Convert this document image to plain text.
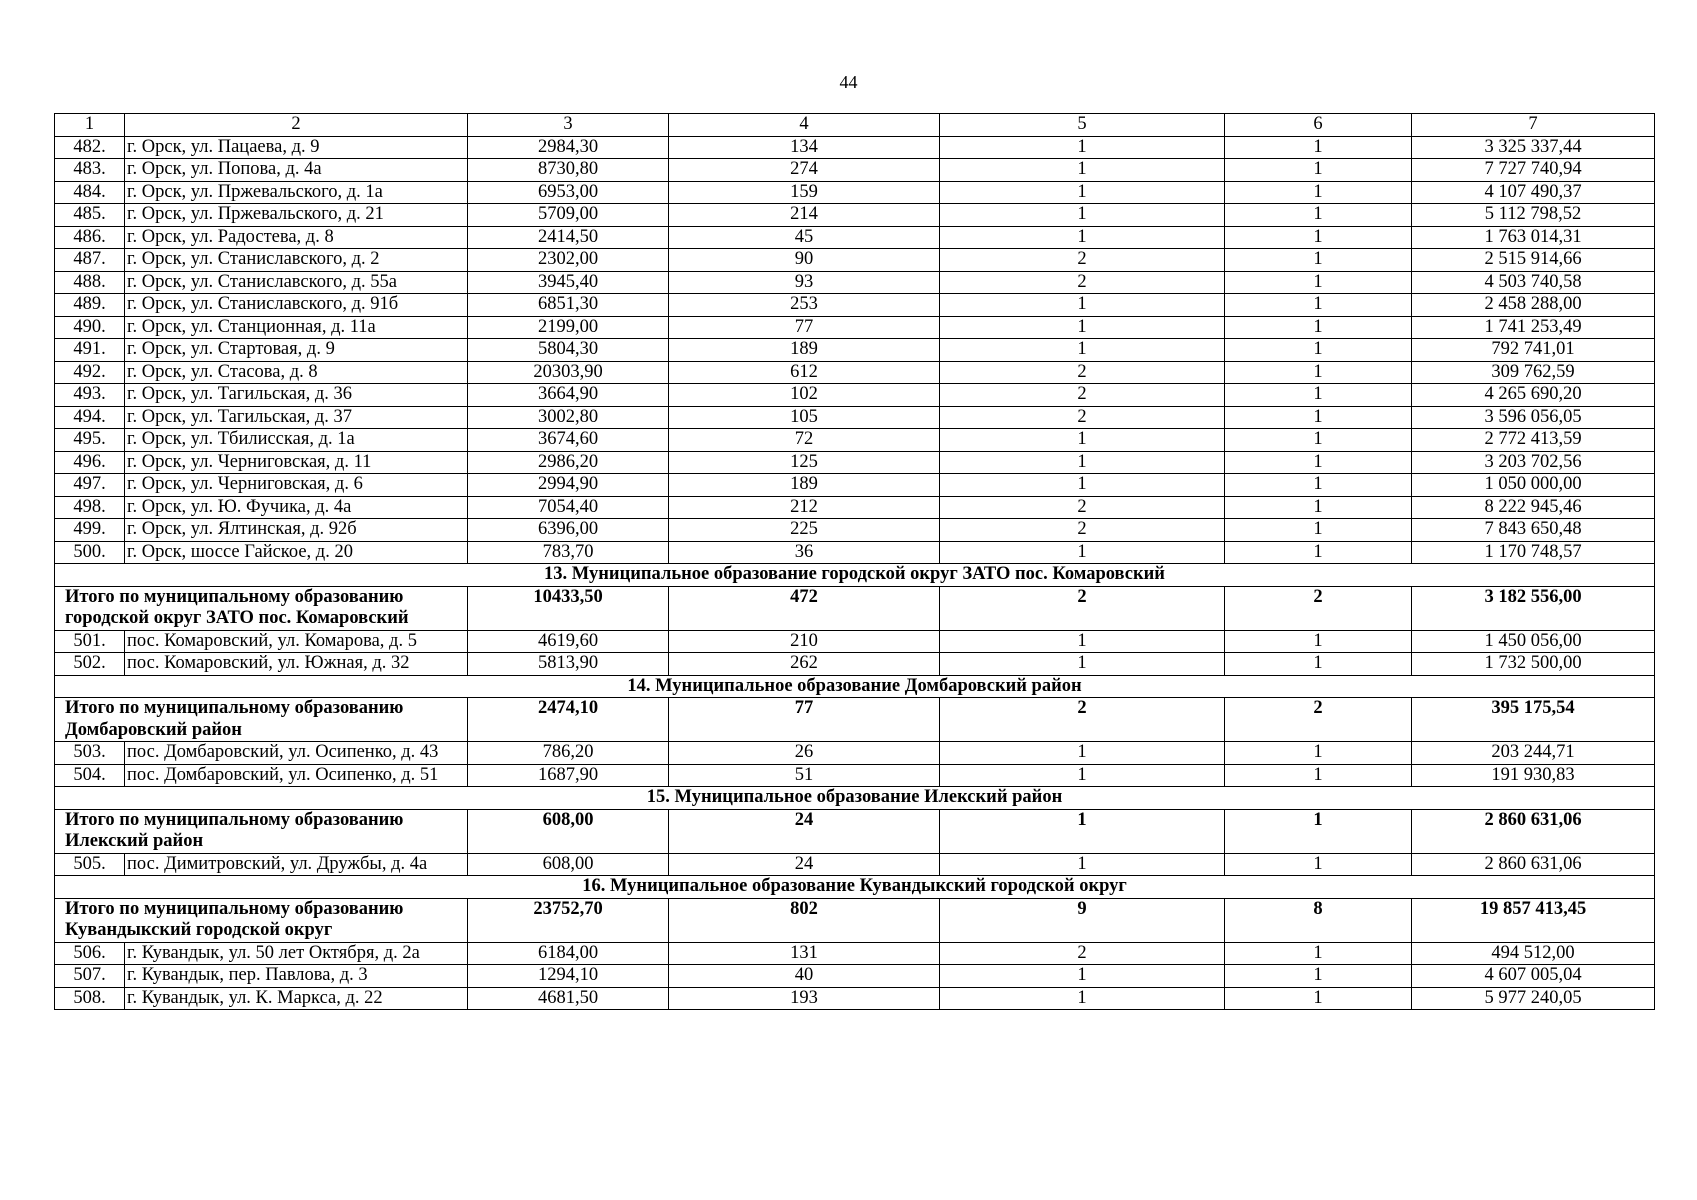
44
1	2	3	4	5	6	7
482.	г. Орск, ул. Пацаева, д. 9	2984,30	134	1	1	3 325 337,44
483.	г. Орск, ул. Попова, д. 4а	8730,80	274	1	1	7 727 740,94
484.	г. Орск, ул. Пржевальского, д. 1а	6953,00	159	1	1	4 107 490,37
485.	г. Орск, ул. Пржевальского, д. 21	5709,00	214	1	1	5 112 798,52
486.	г. Орск, ул. Радостева, д. 8	2414,50	45	1	1	1 763 014,31
487.	г. Орск, ул. Станиславского, д. 2	2302,00	90	2	1	2 515 914,66
488.	г. Орск, ул. Станиславского, д. 55а	3945,40	93	2	1	4 503 740,58
489.	г. Орск, ул. Станиславского, д. 91б	6851,30	253	1	1	2 458 288,00
490.	г. Орск, ул. Станционная, д. 11а	2199,00	77	1	1	1 741 253,49
491.	г. Орск, ул. Стартовая, д. 9	5804,30	189	1	1	792 741,01
492.	г. Орск, ул. Стасова, д. 8	20303,90	612	2	1	309 762,59
493.	г. Орск, ул. Тагильская, д. 36	3664,90	102	2	1	4 265 690,20
494.	г. Орск, ул. Тагильская, д. 37	3002,80	105	2	1	3 596 056,05
495.	г. Орск, ул. Тбилисская, д. 1а	3674,60	72	1	1	2 772 413,59
496.	г. Орск, ул. Черниговская, д. 11	2986,20	125	1	1	3 203 702,56
497.	г. Орск, ул. Черниговская, д. 6	2994,90	189	1	1	1 050 000,00
498.	г. Орск, ул. Ю. Фучика, д. 4а	7054,40	212	2	1	8 222 945,46
499.	г. Орск, ул. Ялтинская, д. 92б	6396,00	225	2	1	7 843 650,48
500.	г. Орск, шоссе Гайское, д. 20	783,70	36	1	1	1 170 748,57
13. Муниципальное образование городской округ ЗАТО пос. Комаровский						
Итого по муниципальному образованию городской округ ЗАТО пос. Комаровский		10433,50	472	2	2	3 182 556,00
501.	пос. Комаровский, ул. Комарова, д. 5	4619,60	210	1	1	1 450 056,00
502.	пос. Комаровский, ул. Южная, д. 32	5813,90	262	1	1	1 732 500,00
14. Муниципальное образование Домбаровский район						
Итого по муниципальному образованию Домбаровский район		2474,10	77	2	2	395 175,54
503.	пос. Домбаровский, ул. Осипенко, д. 43	786,20	26	1	1	203 244,71
504.	пос. Домбаровский, ул. Осипенко, д. 51	1687,90	51	1	1	191 930,83
15. Муниципальное образование Илекский район						
Итого по муниципальному образованию Илекский район		608,00	24	1	1	2 860 631,06
505.	пос. Димитровский, ул. Дружбы, д. 4а	608,00	24	1	1	2 860 631,06
16. Муниципальное образование Кувандыкский городской округ						
Итого по муниципальному образованию Кувандыкский городской округ		23752,70	802	9	8	19 857 413,45
506.	г. Кувандык, ул. 50 лет Октября, д. 2а	6184,00	131	2	1	494 512,00
507.	г. Кувандык, пер. Павлова, д. 3	1294,10	40	1	1	4 607 005,04
508.	г. Кувандык, ул. К. Маркса, д. 22	4681,50	193	1	1	5 977 240,05
